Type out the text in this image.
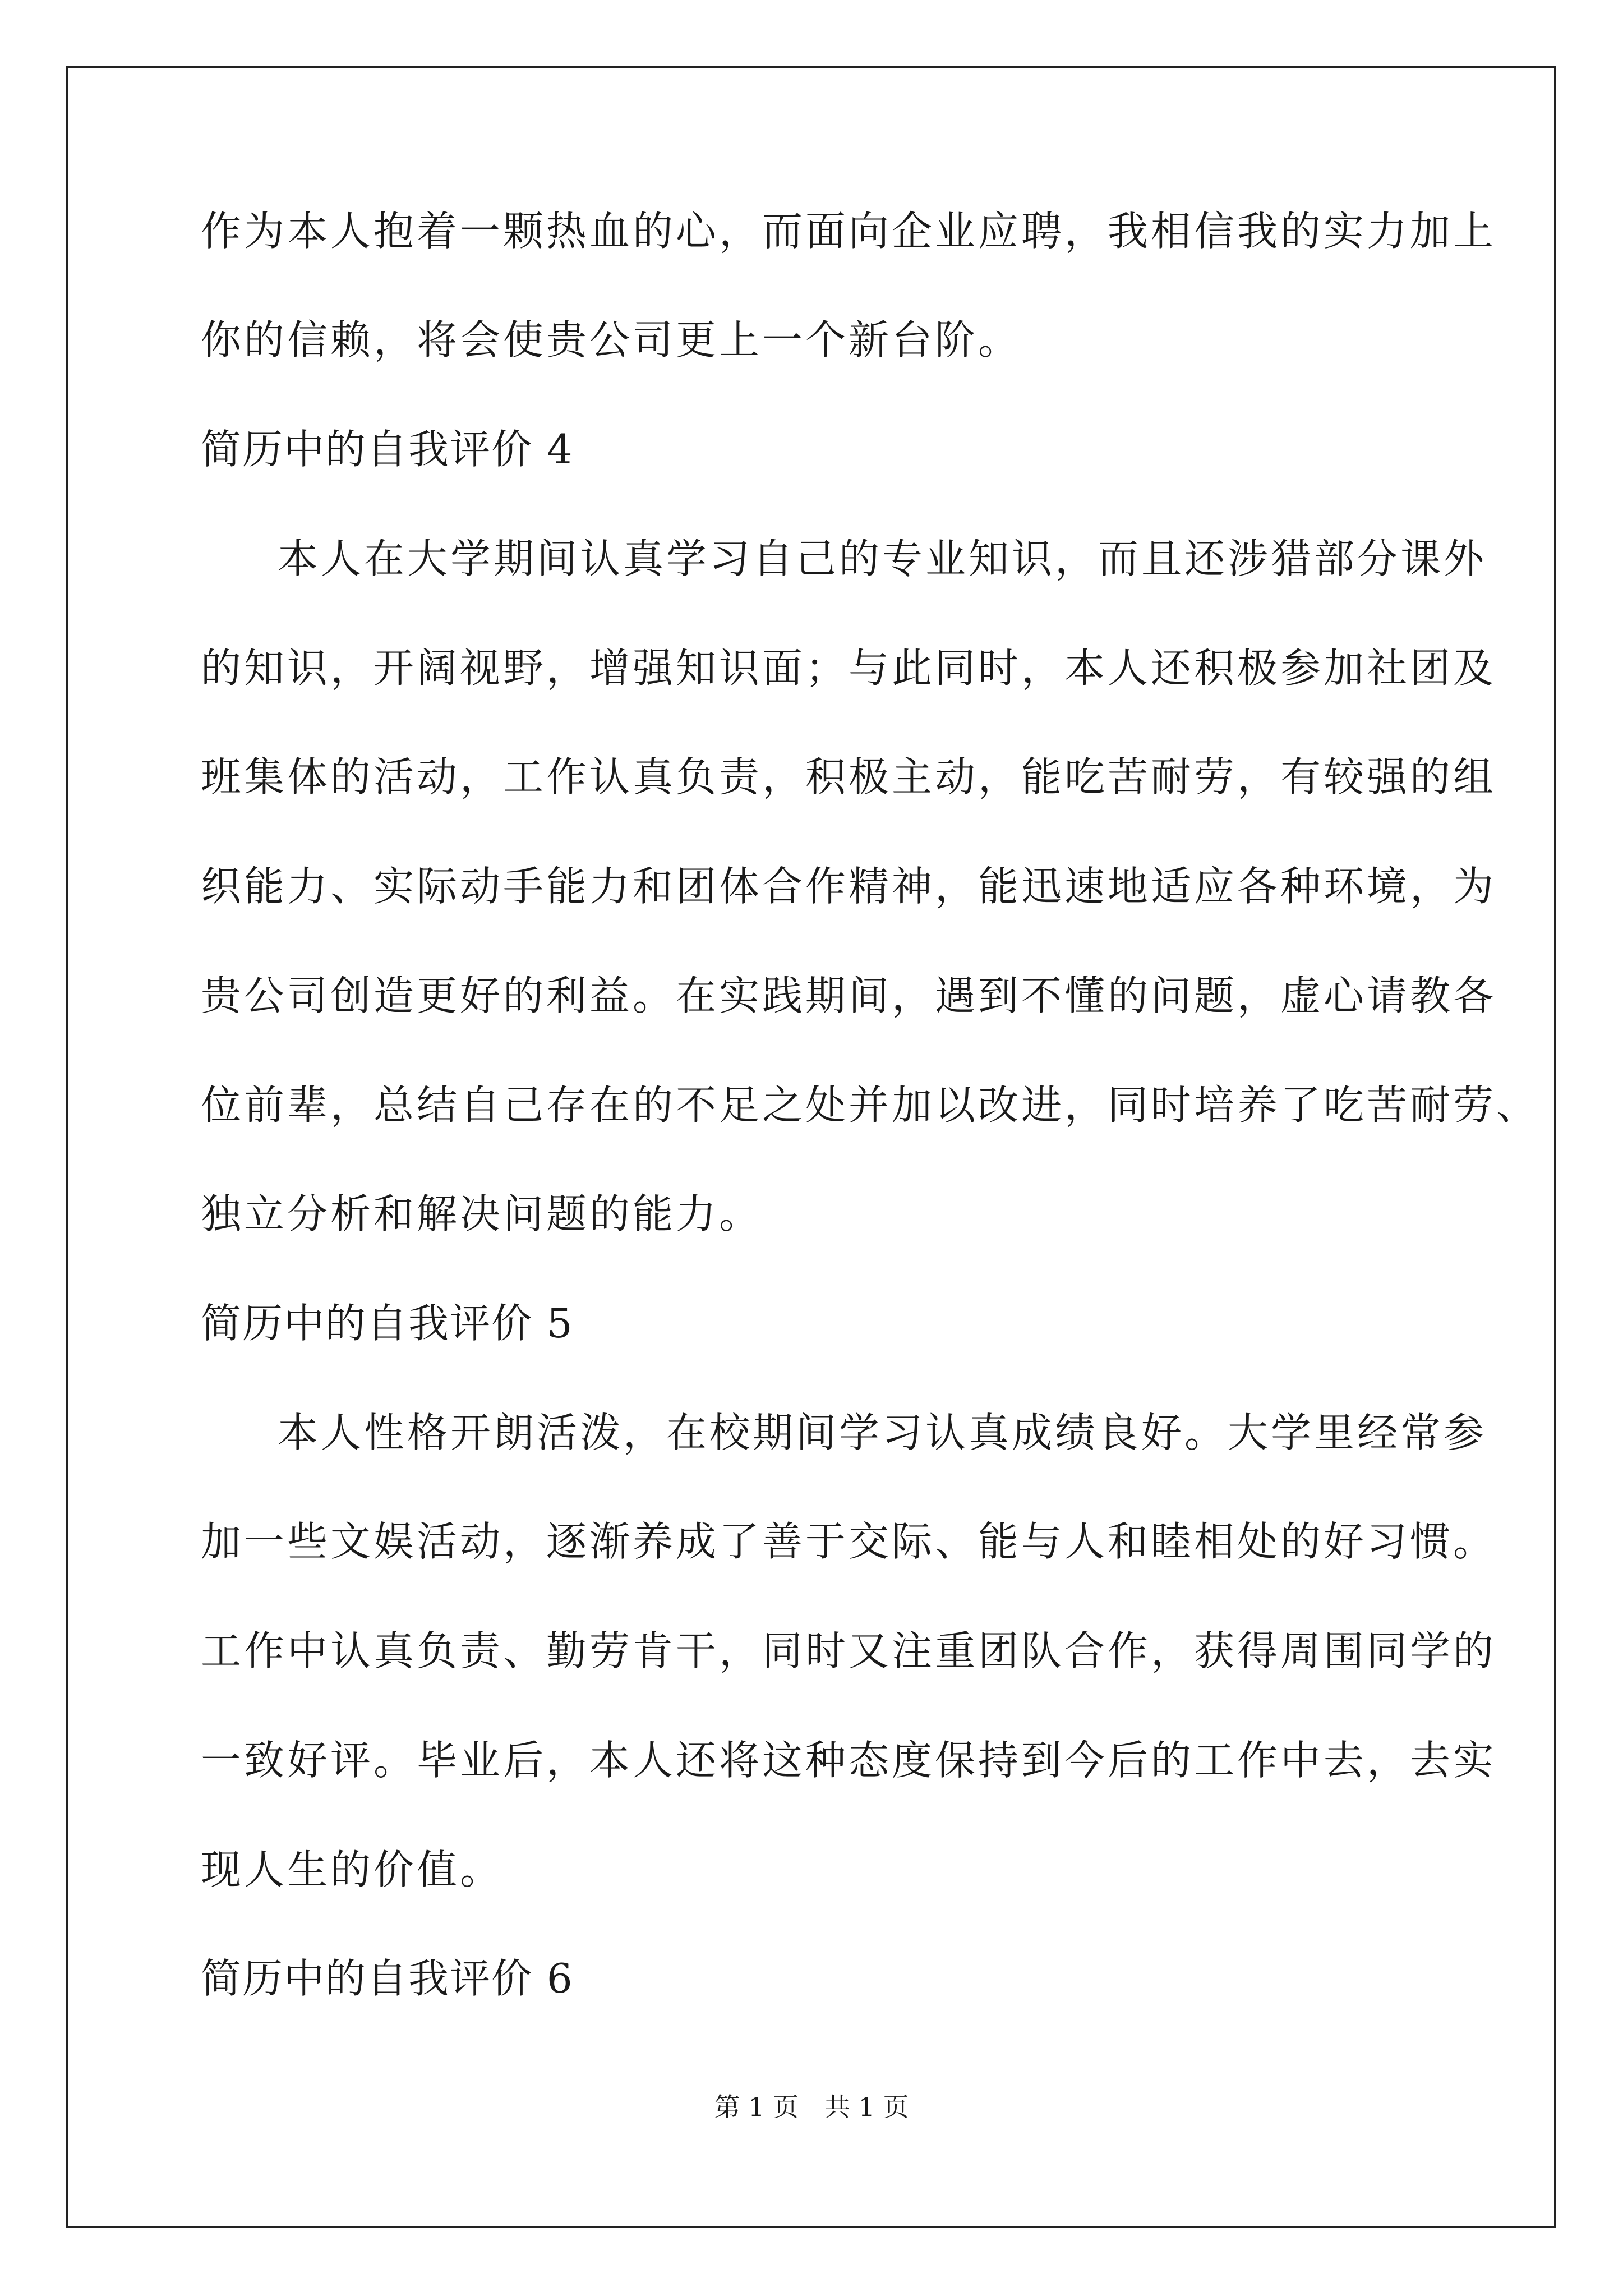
作为本人抱着一颗热血的心，而面向企业应聘，我相信我的实力加上
你的信赖，将会使贵公司更上一个新台阶。
简历中的自我评价 4
本人在大学期间认真学习自己的专业知识，而且还涉猎部分课外
的知识，开阔视野，增强知识面；与此同时，本人还积极参加社团及
班集体的活动，工作认真负责，积极主动，能吃苦耐劳，有较强的组
织能力、实际动手能力和团体合作精神，能迅速地适应各种环境，为
贵公司创造更好的利益。在实践期间，遇到不懂的问题，虚心请教各
位前辈，总结自己存在的不足之处并加以改进，同时培养了吃苦耐劳、
独立分析和解决问题的能力。
简历中的自我评价 5
本人性格开朗活泼，在校期间学习认真成绩良好。大学里经常参
加一些文娱活动，逐渐养成了善于交际、能与人和睦相处的好习惯。
工作中认真负责、勤劳肯干，同时又注重团队合作，获得周围同学的
一致好评。毕业后，本人还将这种态度保持到今后的工作中去，去实
现人生的价值。
简历中的自我评价 6
第 1 页　共 1 页
